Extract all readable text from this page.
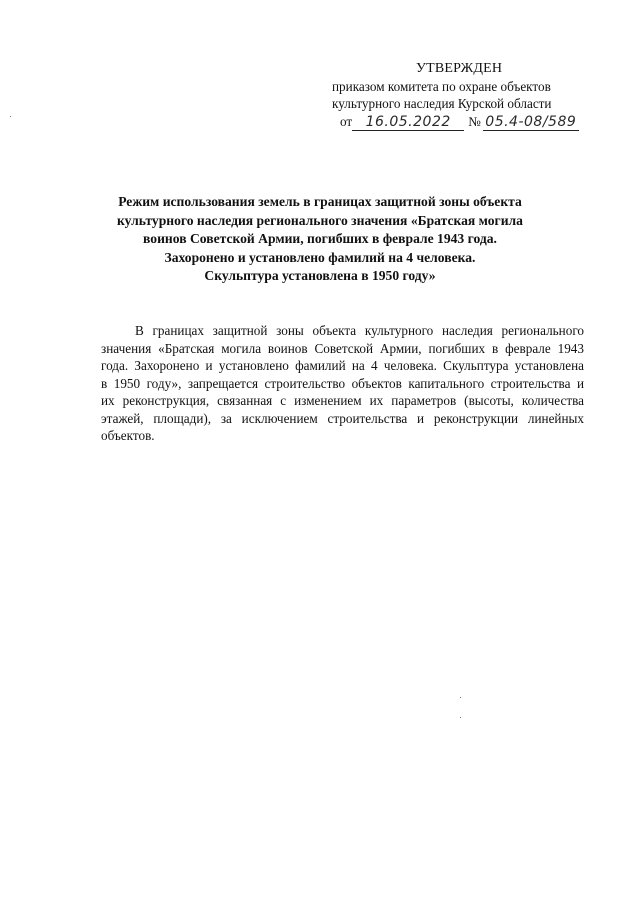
УТВЕРЖДЕН
приказом комитета по охране объектов
культурного наследия Курской области
от 16.05.2022 № 05.4-08/589
Режим использования земель в границах защитной зоны объекта
культурного наследия регионального значения «Братская могила
воинов Советской Армии, погибших в феврале 1943 года.
Захоронено и установлено фамилий на 4 человека.
Скульптура установлена в 1950 году»

В границах защитной зоны объекта культурного наследия регионального значения «Братская могила воинов Советской Армии, погибших в феврале 1943 года. Захоронено и установлено фамилий на 4 человека. Скульптура установлена в 1950 году», запрещается строительство объектов капитального строительства и их реконструкция, связанная с изменением их параметров (высоты, количества этажей, площади), за исключением строительства и реконструкции линейных объектов.
